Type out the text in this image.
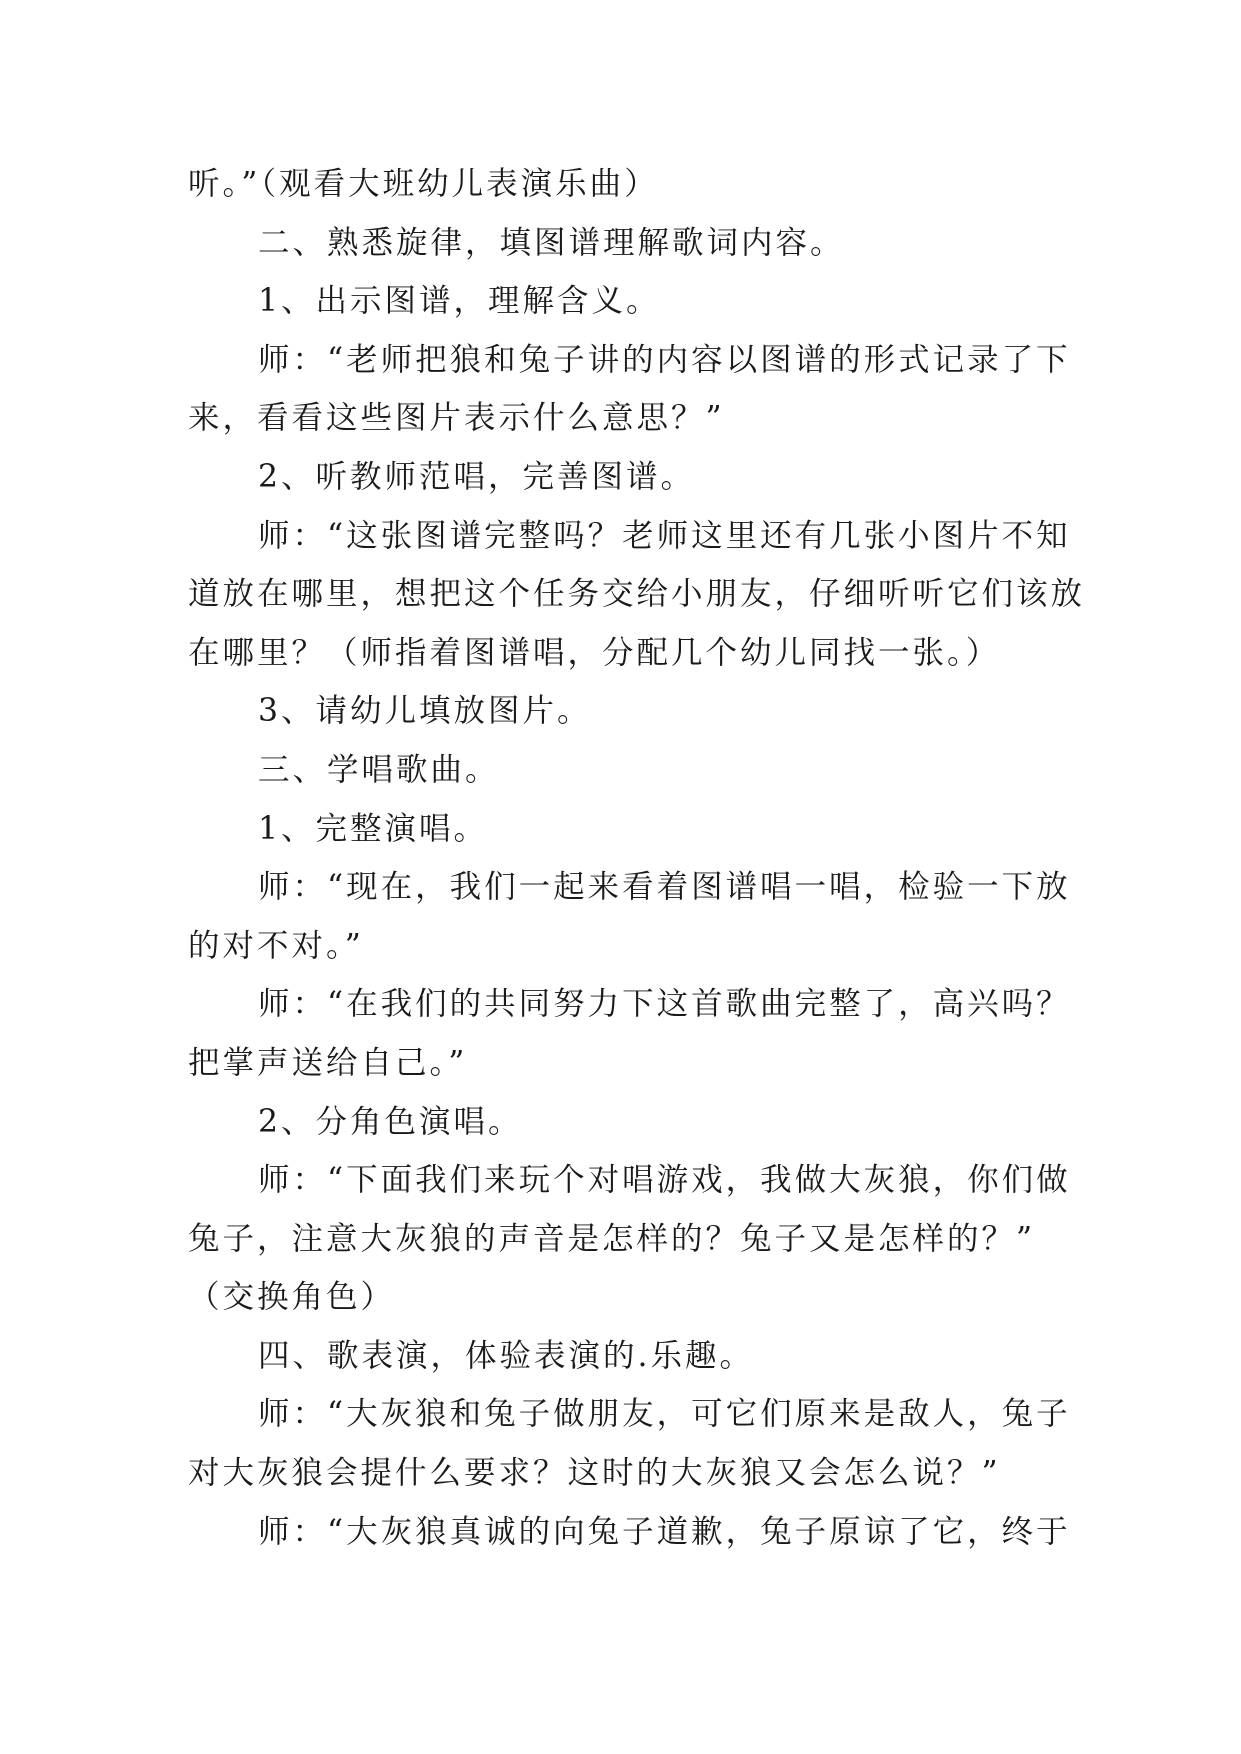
听。”（观看大班幼儿表演乐曲）
二、熟悉旋律，填图谱理解歌词内容。
1、出示图谱，理解含义。
师：“老师把狼和兔子讲的内容以图谱的形式记录了下
来，看看这些图片表示什么意思？”
2、听教师范唱，完善图谱。
师：“这张图谱完整吗？老师这里还有几张小图片不知
道放在哪里，想把这个任务交给小朋友，仔细听听它们该放
在哪里？（师指着图谱唱，分配几个幼儿同找一张。）
3、请幼儿填放图片。
三、学唱歌曲。
1、完整演唱。
师：“现在，我们一起来看着图谱唱一唱，检验一下放
的对不对。”
师：“在我们的共同努力下这首歌曲完整了，高兴吗？
把掌声送给自己。”
2、分角色演唱。
师：“下面我们来玩个对唱游戏，我做大灰狼，你们做
兔子，注意大灰狼的声音是怎样的？兔子又是怎样的？”
（交换角色）
四、歌表演，体验表演的.乐趣。
师：“大灰狼和兔子做朋友，可它们原来是敌人，兔子
对大灰狼会提什么要求？这时的大灰狼又会怎么说？”
师：“大灰狼真诚的向兔子道歉，兔子原谅了它，终于
